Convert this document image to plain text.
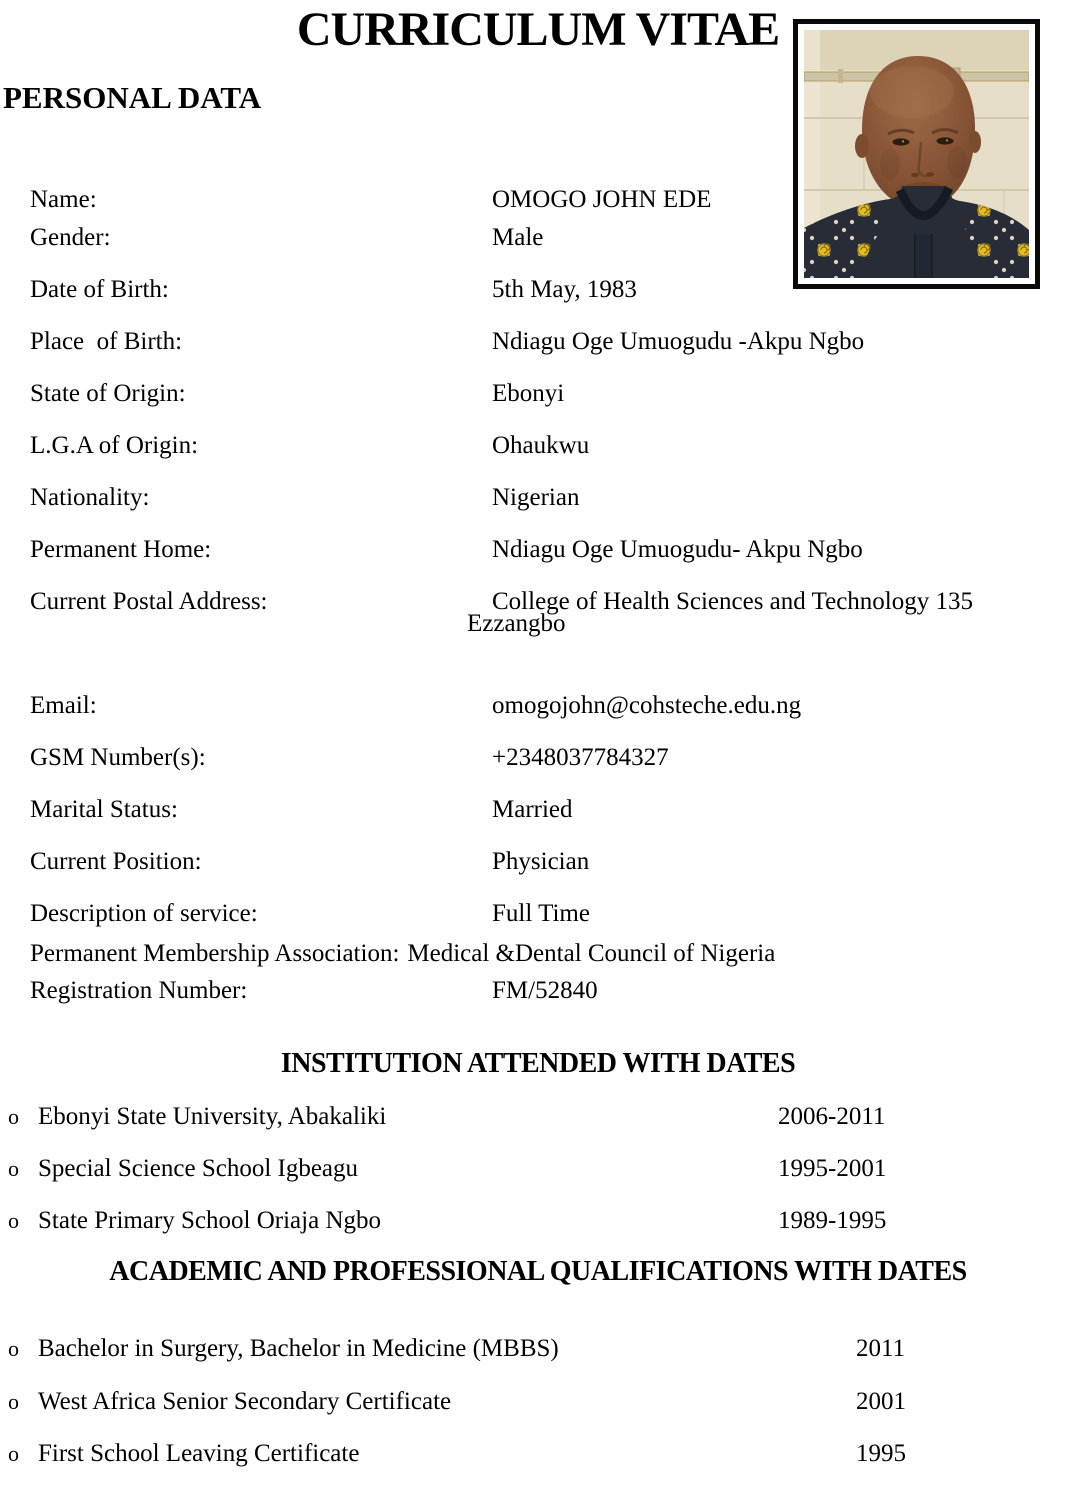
CURRICULUM VITAE
PERSONAL DATA

Name:	OMOGO JOHN EDE

Gender:	Male

Date of Birth:	5th May, 1983

Place  of Birth:	Ndiagu Oge Umuogudu -Akpu Ngbo

State of Origin:	Ebonyi

L.G.A of Origin:	Ohaukwu

Nationality:	Nigerian

Permanent Home:	Ndiagu Oge Umuogudu- Akpu Ngbo

Current Postal Address:	College of Health Sciences and Technology 135

Ezzangbo

Email:	omogojohn@cohsteche.edu.ng

GSM Number(s):	+2348037784327

Marital Status:	Married

Current Position:	Physician

Description of service:	Full Time

Permanent Membership Association: Medical &Dental Council of Nigeria

Registration Number:	FM/52840

INSTITUTION ATTENDED WITH DATES
o Ebonyi State University, Abakaliki	2006-2011
o Special Science School Igbeagu	1995-2001
o State Primary School Oriaja Ngbo	1989-1995
ACADEMIC AND PROFESSIONAL QUALIFICATIONS WITH DATES
o Bachelor in Surgery, Bachelor in Medicine (MBBS)	2011
o West Africa Senior Secondary Certificate	2001
o First School Leaving Certificate	1995
